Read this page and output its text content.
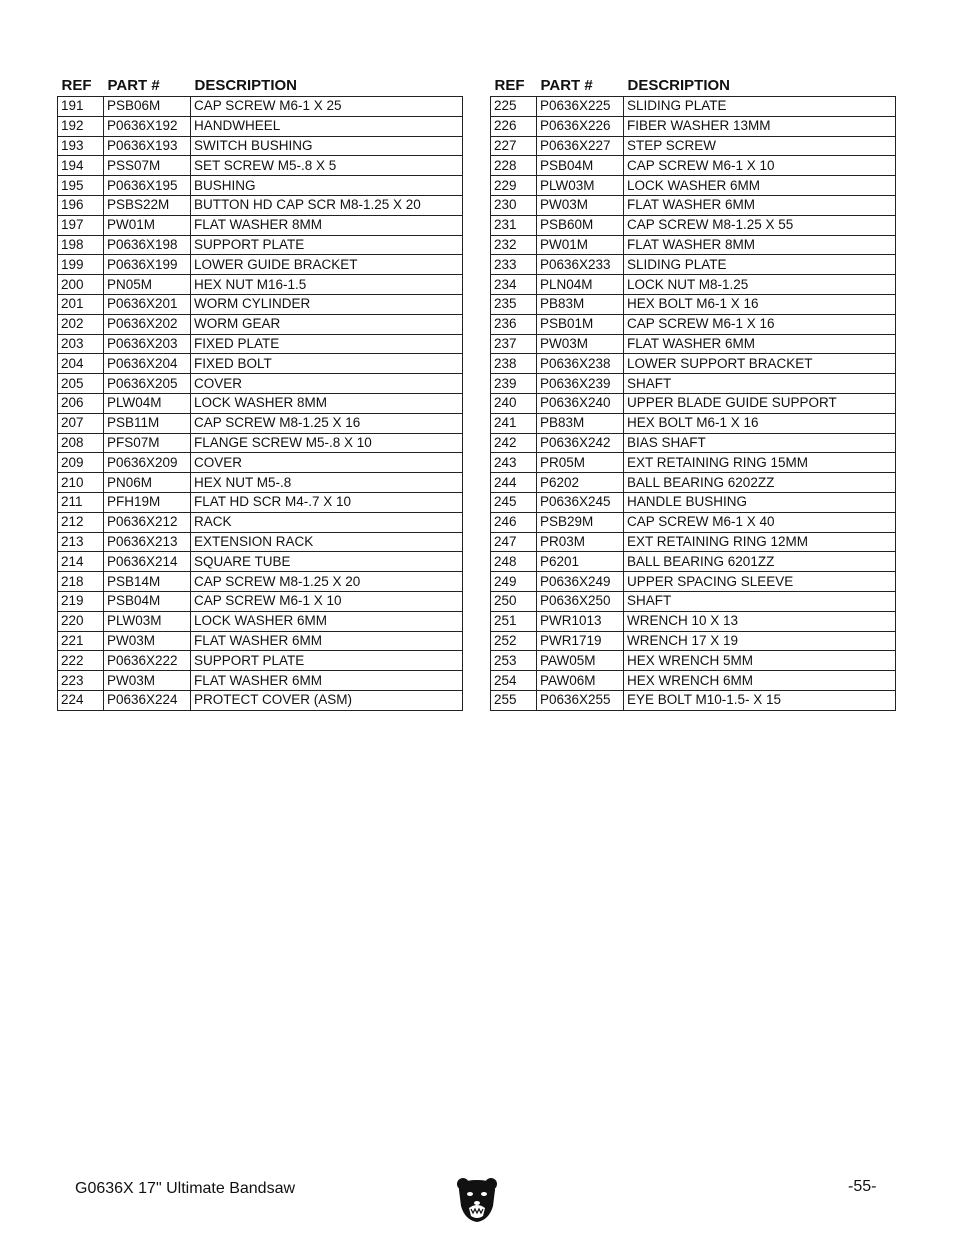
REF	PART #	DESCRIPTION
191	PSB06M	CAP SCREW M6-1 X 25
192	P0636X192	HANDWHEEL
193	P0636X193	SWITCH BUSHING
194	PSS07M	SET SCREW M5-.8 X 5
195	P0636X195	BUSHING
196	PSBS22M	BUTTON HD CAP SCR M8-1.25 X 20
197	PW01M	FLAT WASHER 8MM
198	P0636X198	SUPPORT PLATE
199	P0636X199	LOWER GUIDE BRACKET
200	PN05M	HEX NUT M16-1.5
201	P0636X201	WORM CYLINDER
202	P0636X202	WORM GEAR
203	P0636X203	FIXED PLATE
204	P0636X204	FIXED BOLT
205	P0636X205	COVER
206	PLW04M	LOCK WASHER 8MM
207	PSB11M	CAP SCREW M8-1.25 X 16
208	PFS07M	FLANGE SCREW M5-.8 X 10
209	P0636X209	COVER
210	PN06M	HEX NUT M5-.8
211	PFH19M	FLAT HD SCR M4-.7 X 10
212	P0636X212	RACK
213	P0636X213	EXTENSION RACK
214	P0636X214	SQUARE TUBE
218	PSB14M	CAP SCREW M8-1.25 X 20
219	PSB04M	CAP SCREW M6-1 X 10
220	PLW03M	LOCK WASHER 6MM
221	PW03M	FLAT WASHER 6MM
222	P0636X222	SUPPORT PLATE
223	PW03M	FLAT WASHER 6MM
224	P0636X224	PROTECT COVER (ASM)
REF	PART #	DESCRIPTION
225	P0636X225	SLIDING PLATE
226	P0636X226	FIBER WASHER 13MM
227	P0636X227	STEP SCREW
228	PSB04M	CAP SCREW M6-1 X 10
229	PLW03M	LOCK WASHER 6MM
230	PW03M	FLAT WASHER 6MM
231	PSB60M	CAP SCREW M8-1.25 X 55
232	PW01M	FLAT WASHER 8MM
233	P0636X233	SLIDING PLATE
234	PLN04M	LOCK NUT M8-1.25
235	PB83M	HEX BOLT M6-1 X 16
236	PSB01M	CAP SCREW M6-1 X 16
237	PW03M	FLAT WASHER 6MM
238	P0636X238	LOWER SUPPORT BRACKET
239	P0636X239	SHAFT
240	P0636X240	UPPER BLADE GUIDE SUPPORT
241	PB83M	HEX BOLT M6-1 X 16
242	P0636X242	BIAS SHAFT
243	PR05M	EXT RETAINING RING 15MM
244	P6202	BALL BEARING 6202ZZ
245	P0636X245	HANDLE BUSHING
246	PSB29M	CAP SCREW M6-1 X 40
247	PR03M	EXT RETAINING RING 12MM
248	P6201	BALL BEARING 6201ZZ
249	P0636X249	UPPER SPACING SLEEVE
250	P0636X250	SHAFT
251	PWR1013	WRENCH 10 X 13
252	PWR1719	WRENCH 17 X 19
253	PAW05M	HEX WRENCH 5MM
254	PAW06M	HEX WRENCH 6MM
255	P0636X255	EYE BOLT M10-1.5- X 15
G0636X 17" Ultimate Bandsaw	-55-
